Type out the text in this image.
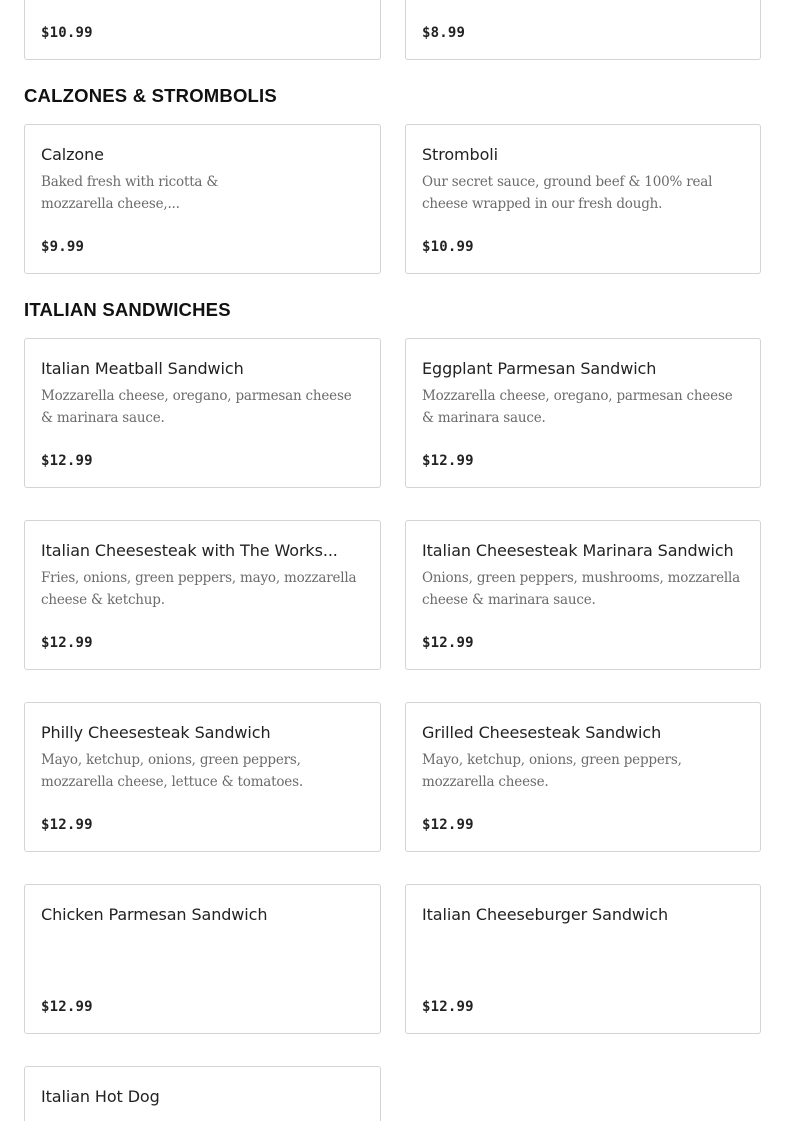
$10.99	$8.99
CALZONES & STROMBOLIS
Calzone
Baked fresh with ricotta & mozzarella cheese,...
$9.99
Stromboli
Our secret sauce, ground beef & 100% real cheese wrapped in our fresh dough.
$10.99
ITALIAN SANDWICHES
Italian Meatball Sandwich
Mozzarella cheese, oregano, parmesan cheese & marinara sauce.
$12.99
Eggplant Parmesan Sandwich
Mozzarella cheese, oregano, parmesan cheese & marinara sauce.
$12.99
Italian Cheesesteak with The Works...
Fries, onions, green peppers, mayo, mozzarella cheese & ketchup.
$12.99
Italian Cheesesteak Marinara Sandwich
Onions, green peppers, mushrooms, mozzarella cheese & marinara sauce.
$12.99
Philly Cheesesteak Sandwich
Mayo, ketchup, onions, green peppers, mozzarella cheese, lettuce & tomatoes.
$12.99
Grilled Cheesesteak Sandwich
Mayo, ketchup, onions, green peppers, mozzarella cheese.
$12.99
Chicken Parmesan Sandwich
$12.99
Italian Cheeseburger Sandwich
$12.99
Italian Hot Dog
